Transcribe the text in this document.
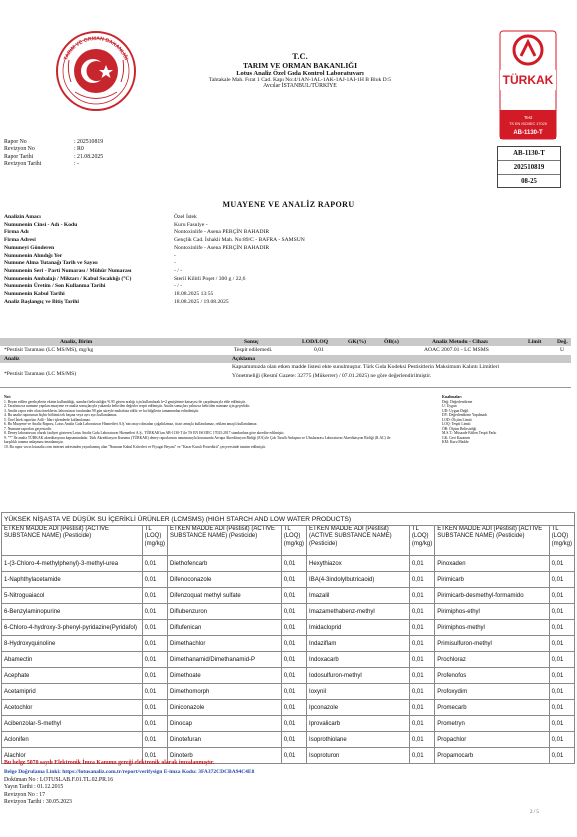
TARIM VE ORMAN BAKANLIĞI	T.C.
TARIM VE ORMAN BAKANLIĞI
Lotus Analiz Özel Gıda Kontrol Laboratuvarı
Tahtakale Mah. Fırat 1 Cad. Kapı No:4/1AN-1AL-1AK-1AJ-1AI-1H B Blok D:5
Avcılar İSTANBUL/TÜRKİYE	TÜRKAK
Test
TS EN ISO/IEC 17025
AB-1130-T
AB-1130-T
202510819
08-25
Rapor No	: 202510819
Revizyon No	: R0
Rapor Tarihi	: 21.08.2025
Revizyon Tarihi	: -
MUAYENE VE ANALİZ RAPORU
Analizin Amacı	Özel İstek
Numunenin Cinsi - Adı - Kodu	Kuru Fasulye -
Firma Adı	Nontoxinlife - Asena PERÇİN BAHADIR
Firma Adresi	Gençlik Cad. İshakli Mah. No:89/C - BAFRA - SAMSUN
Numuneyi Gönderen	Nontoxinlife - Asena PERÇİN BAHADIR
Numunenin Alındığı Yer	-
Numune Alma Tutanağı Tarih ve Sayısı	-
Numunenin Seri - Parti Numarası / Mühür Numarası	- / -
Numunenin Ambalajı / Miktarı / Kabul Sıcaklığı (°C)	Steril Kilitli Poşet / 300 g / 22,6
Numunenin Üretim / Son Kullanma Tarihi	- / -
Numunenin Kabul Tarihi	18.08.2025 13:55
Analiz Başlangıç ve Bitiş Tarihi	18.08.2025 / 19.08.2025
Analiz, Birim	Sonuç	LOD/LOQ	GK(%)	ÖB(±)	Analiz Metodu - Cihazı	Limit	Değ.
*Pestisit Taraması (LC MS/MS), mg/kg	Tespit edilemedi.	0,01	AOAC 2007.01 - LC MSMS	U
Analiz	Açıklama
*Pestisit Taraması (LC MS/MS)
Kapsamımızda olan etken madde listesi ekte sunulmuştur. Türk Gıda Kodeksi Pestisitlerin Maksimum Kalıntı Limitleri
Yönetmeliği (Resmî Gazete: 32775 (Mükerrer) / 07.01.2025) ne göre değerlendirilmiştir.
Not:
1. Beyan edilen gerekçelerin ekinin kullanıldığı, standart belirsizliğin % 95 güven aralığı için kullanılarak k=2 genişletme katsayısı ile çarpılmasıyla elde edilmiştir.
2. Tarafımızca numune yapılan muayene ve analiz sonuçlarıyla yukarıda belirtilen değerler tespit edilmiştir. Analiz sonuçları yalnızca belirtilen numune için geçerlidir.
3. Analiz rapor eder olan örneklerin, laboratuvar tarafından 90 gün süreyle muhafaza edilir ve bu bilgilerin tamamından edinilmiştir.
4. Bu analiz raporunun hiçbir bölümü tek başına veya ayrı ayrı kullanılamaz.
5. Özel İstek raporları Adli - İdari işlemlerde kullanılamaz.
6. Bu Muayene ve Analiz Raporu, Lotus Analiz Gıda Laboratuvar Hizmetleri A.Ş.'nin onayı olmadan çoğaltılamaz, ticari amaçla kullanılamaz, reklam amaçlı kullanılamaz.
7. Numune raporları geçersizdir.
8. Deney laboratuvarı olarak faaliyet gösteren Lotus Analiz Gıda Laboratuvar Hizmetleri A.Ş., TÜRKAK'tan AB-1130-T ile TS EN ISO/IEC 17025:2017 standardına göre akredite edilmiştir.
9. "*" İle analiz TÜRKAK akreditasyonu kapsamındadır. Türk Akreditasyon Kurumu (TÜRKAK) deney raporlarının tanınmasıyla konusunda Avrupa Akreditasyon Birliği (EA) ile Çok Taraflı Anlaşma ve Uluslararası Laboratuvar Akreditasyon Birliği (ILAC) ile karşılıklı tanıma anlaşması imzalamıştır.
10. Bu rapor www.lotusaliz.com internet adresinden yayınlanmış olan "Numune Kabul Kriterleri ve Fiyagat Beyanı" ve "Karar Kuralı Prosedürü" çerçevesinde tanzim edilmiştir.
Kısaltmalar:
Değ: Değerlendirme
U: Uygun
UD: Uygun Değil
DY: Değerlendirme Yapılmadı
LOD: Ölçüm Limiti
LOQ: Tespit Limiti
ÖB: Ölçüm Belirsizliği
M.S.T.: Müsaade Edilen Tespit Farkı
GK: Geri Kazanım
KM: Kuru Madde
YÜKSEK NİŞASTA VE DÜŞÜK SU İÇERİKLİ ÜRÜNLER (LCMSMS) (HIGH STARCH AND LOW WATER PRODUCTS)							
ETKEN MADDE ADI (Pestisit) (ACTIVE SUBSTANCE NAME) (Pesticide)	TL (LOQ) (mg/kg)	ETKEN MADDE ADI (Pestisit) (ACTIVE SUBSTANCE NAME) (Pesticide)	TL (LOQ) (mg/kg)	ETKEN MADDE ADI (Pestisit) (ACTIVE SUBSTANCE NAME) (Pesticide)	TL (LOQ) (mg/kg)	ETKEN MADDE ADI (Pestisit) (ACTIVE SUBSTANCE NAME) (Pesticide)	TL (LOQ) (mg/kg)
1-(3-Chloro-4-methylphenyl)-3-methyl-urea	0,01	Diethofencarb	0,01	Hexythiazox	0,01	Pinoxaden	0,01
1-Naphthylacetamide	0,01	Difenoconazole	0,01	IBA(4-3indolylbutricaoid)	0,01	Pirimicarb	0,01
5-Nitroguaiacol	0,01	Difenzoquat methyl sulfate	0,01	Imazalil	0,01	Pirimicarb-desmethyl-formamido	0,01
6-Benzylaminopurine	0,01	Diflubenzuron	0,01	Imazamethabenz-methyl	0,01	Pirimiphos-ethyl	0,01
6-Chloro-4-hydroxy-3-phenyl-pyridazine(Pyridafol)	0,01	Diflufenican	0,01	Imidacloprid	0,01	Pirimiphos-methyl	0,01
8-Hydroxyquinoline	0,01	Dimethachlor	0,01	Indaziflam	0,01	Primisulfuron-methyl	0,01
Abamectin	0,01	Dimethanamid/Dimethanamid-P	0,01	Indoxacarb	0,01	Prochloraz	0,01
Acephate	0,01	Dimethoate	0,01	Iodosulfuron-methyl	0,01	Profenofos	0,01
Acetamiprid	0,01	Dimethomorph	0,01	Ioxynil	0,01	Profoxydim	0,01
Acetochlor	0,01	Diniconazole	0,01	Ipconazole	0,01	Promecarb	0,01
Acibenzolar-S-methyl	0,01	Dinocap	0,01	Iprovalicarb	0,01	Prometryn	0,01
Aclonifen	0,01	Dinotefuran	0,01	Isoprothiolane	0,01	Propachlor	0,01
Alachlor	0,01	Dinoterb	0,01	Isoproturon	0,01	Propamocarb	0,01
Bu belge 5070 sayılı Elektronik İmza Kanunu gereği elektronik olarak imzalanmıştır.
Belge Doğrulama Linki: https://lotusanaliz.com.tr/report/verifysign E-imza Kodu: 3FA372CDCBA94C4E8
Doküman No : LOTUSLAB.F.01.TL.02.PR.16
Yayın Tarihi : 01.12.2015
Revizyon No : 17
Revizyon Tarihi : 30.05.2023
2 / 5
